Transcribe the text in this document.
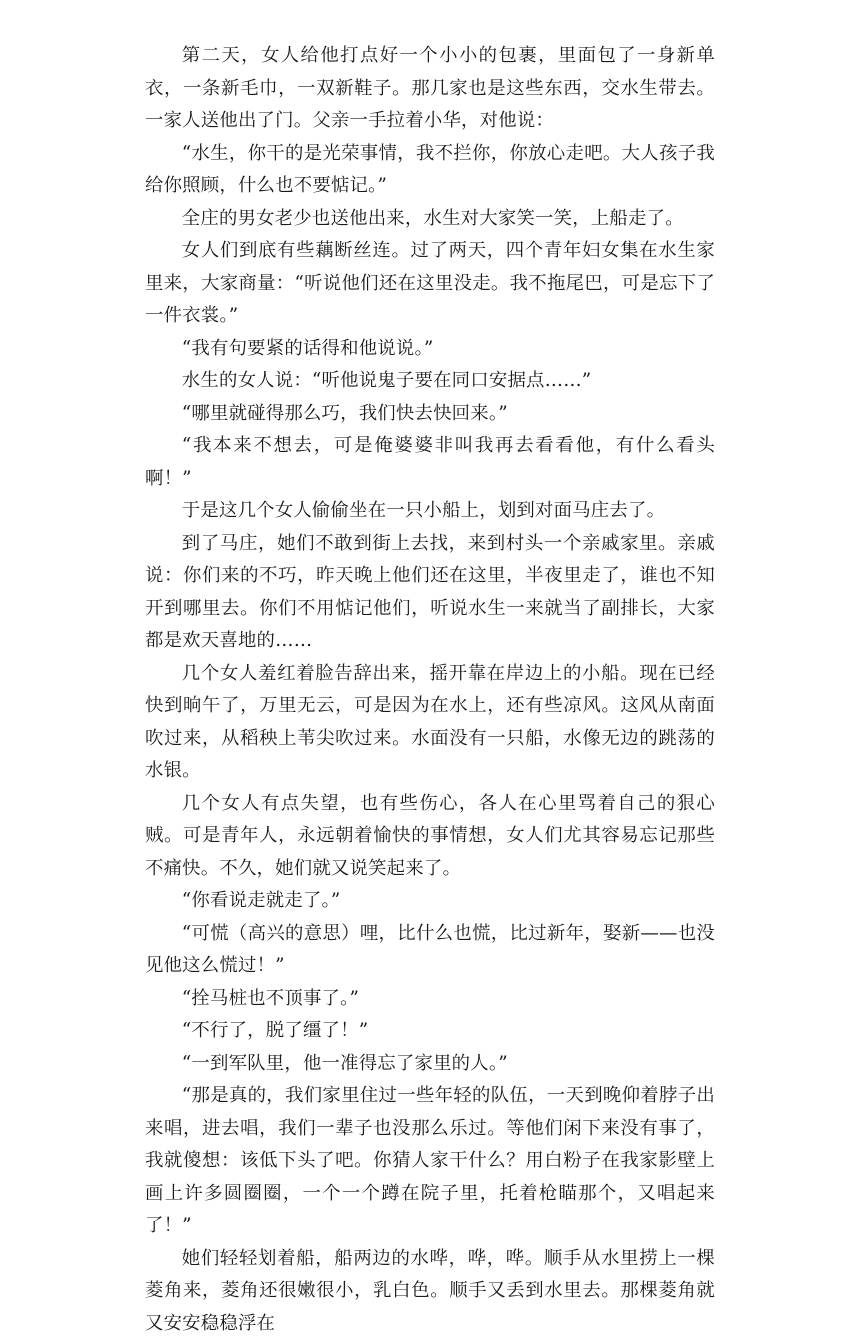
第二天，女人给他打点好一个小小的包裹，里面包了一身新单衣，一条新毛巾，一双新鞋子。那几家也是这些东西，交水生带去。一家人送他出了门。父亲一手拉着小华，对他说：

“水生，你干的是光荣事情，我不拦你，你放心走吧。大人孩子我给你照顾，什么也不要惦记。”

全庄的男女老少也送他出来，水生对大家笑一笑，上船走了。

女人们到底有些藕断丝连。过了两天，四个青年妇女集在水生家里来，大家商量：“听说他们还在这里没走。我不拖尾巴，可是忘下了一件衣裳。”

“我有句要紧的话得和他说说。”

水生的女人说：“听他说鬼子要在同口安据点……”

“哪里就碰得那么巧，我们快去快回来。”

“我本来不想去，可是俺婆婆非叫我再去看看他，有什么看头啊！”

于是这几个女人偷偷坐在一只小船上，划到对面马庄去了。

到了马庄，她们不敢到街上去找，来到村头一个亲戚家里。亲戚说：你们来的不巧，昨天晚上他们还在这里，半夜里走了，谁也不知开到哪里去。你们不用惦记他们，听说水生一来就当了副排长，大家都是欢天喜地的……

几个女人羞红着脸告辞出来，摇开靠在岸边上的小船。现在已经快到晌午了，万里无云，可是因为在水上，还有些凉风。这风从南面吹过来，从稻秧上苇尖吹过来。水面没有一只船，水像无边的跳荡的水银。

几个女人有点失望，也有些伤心，各人在心里骂着自己的狠心贼。可是青年人，永远朝着愉快的事情想，女人们尤其容易忘记那些不痛快。不久，她们就又说笑起来了。

“你看说走就走了。”

“可慌（高兴的意思）哩，比什么也慌，比过新年，娶新——也没见他这么慌过！”

“拴马桩也不顶事了。”

“不行了，脱了缰了！”

“一到军队里，他一准得忘了家里的人。”

“那是真的，我们家里住过一些年轻的队伍，一天到晚仰着脖子出来唱，进去唱，我们一辈子也没那么乐过。等他们闲下来没有事了，我就傻想：该低下头了吧。你猜人家干什么？用白粉子在我家影壁上画上许多圆圈圈，一个一个蹲在院子里，托着枪瞄那个，又唱起来了！”

她们轻轻划着船，船两边的水哗，哗，哗。顺手从水里捞上一棵菱角来，菱角还很嫩很小，乳白色。顺手又丢到水里去。那棵菱角就又安安稳稳浮在
